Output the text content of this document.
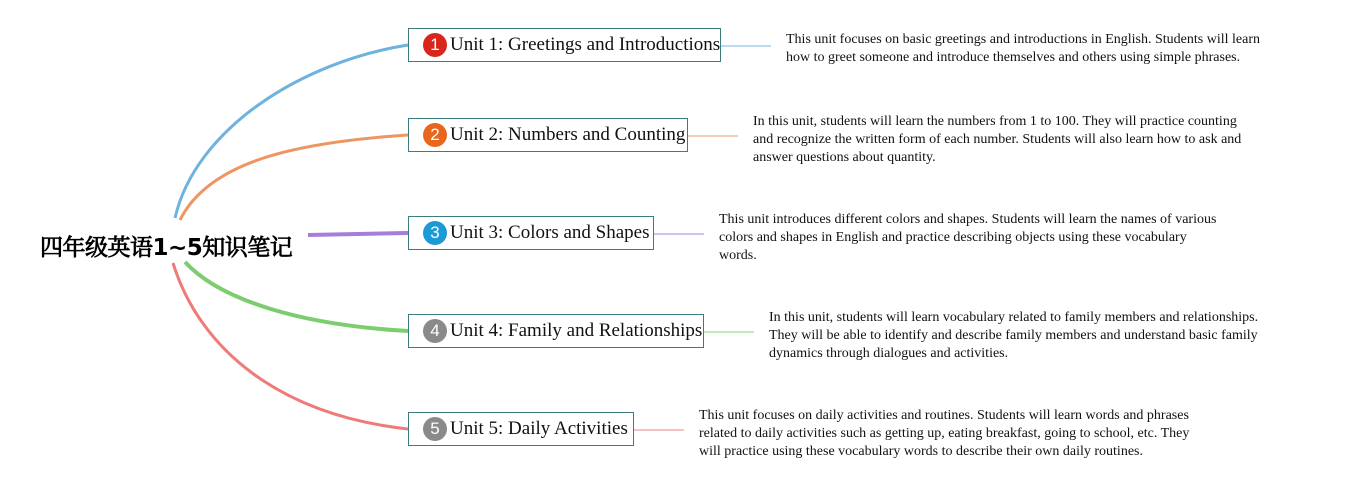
四年级英语1~5知识笔记
1 Unit 1: Greetings and Introductions	This unit focuses on basic greetings and introductions in English. Students will learn how to greet someone and introduce themselves and others using simple phrases.
2 Unit 2: Numbers and Counting
In this unit, students will learn the numbers from 1 to 100. They will practice counting and recognize the written form of each number. Students will also learn how to ask and answer questions about quantity.
3 Unit 3: Colors and Shapes
This unit introduces different colors and shapes. Students will learn the names of various colors and shapes in English and practice describing objects using these vocabulary words.
4 Unit 4: Family and Relationships
In this unit, students will learn vocabulary related to family members and relationships. They will be able to identify and describe family members and understand basic family dynamics through dialogues and activities.
5 Unit 5: Daily Activities
This unit focuses on daily activities and routines. Students will learn words and phrases related to daily activities such as getting up, eating breakfast, going to school, etc. They will practice using these vocabulary words to describe their own daily routines.
